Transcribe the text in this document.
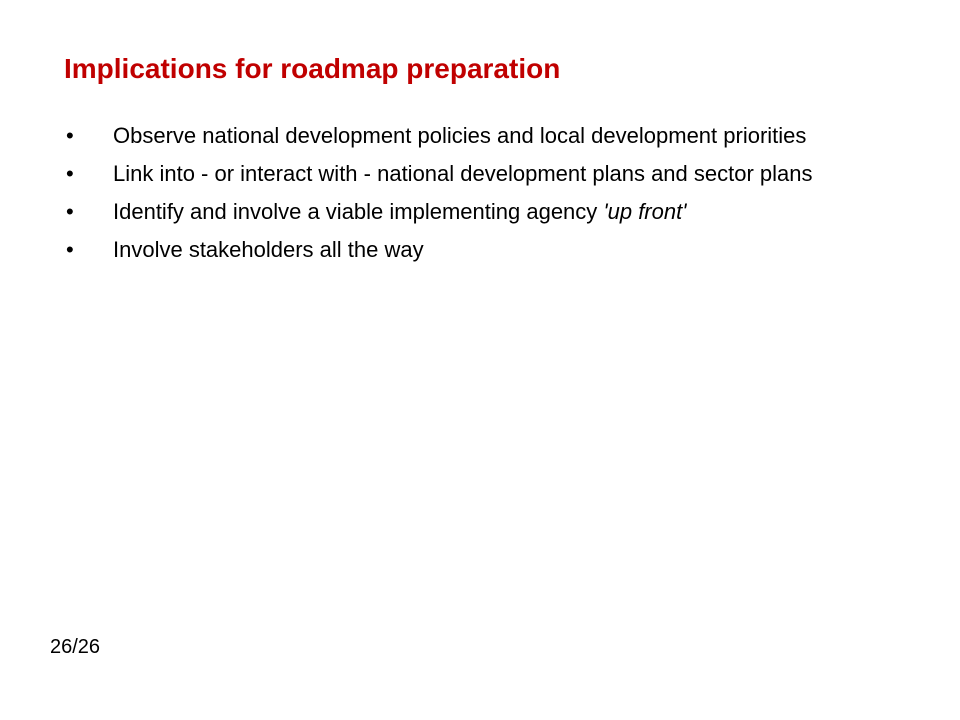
Implications for roadmap preparation
•	Observe national development policies and local development priorities
•	Link into - or interact with - national development plans and sector plans
•	Identify and involve a viable implementing agency 'up front'
•	Involve stakeholders all the way
26/26
